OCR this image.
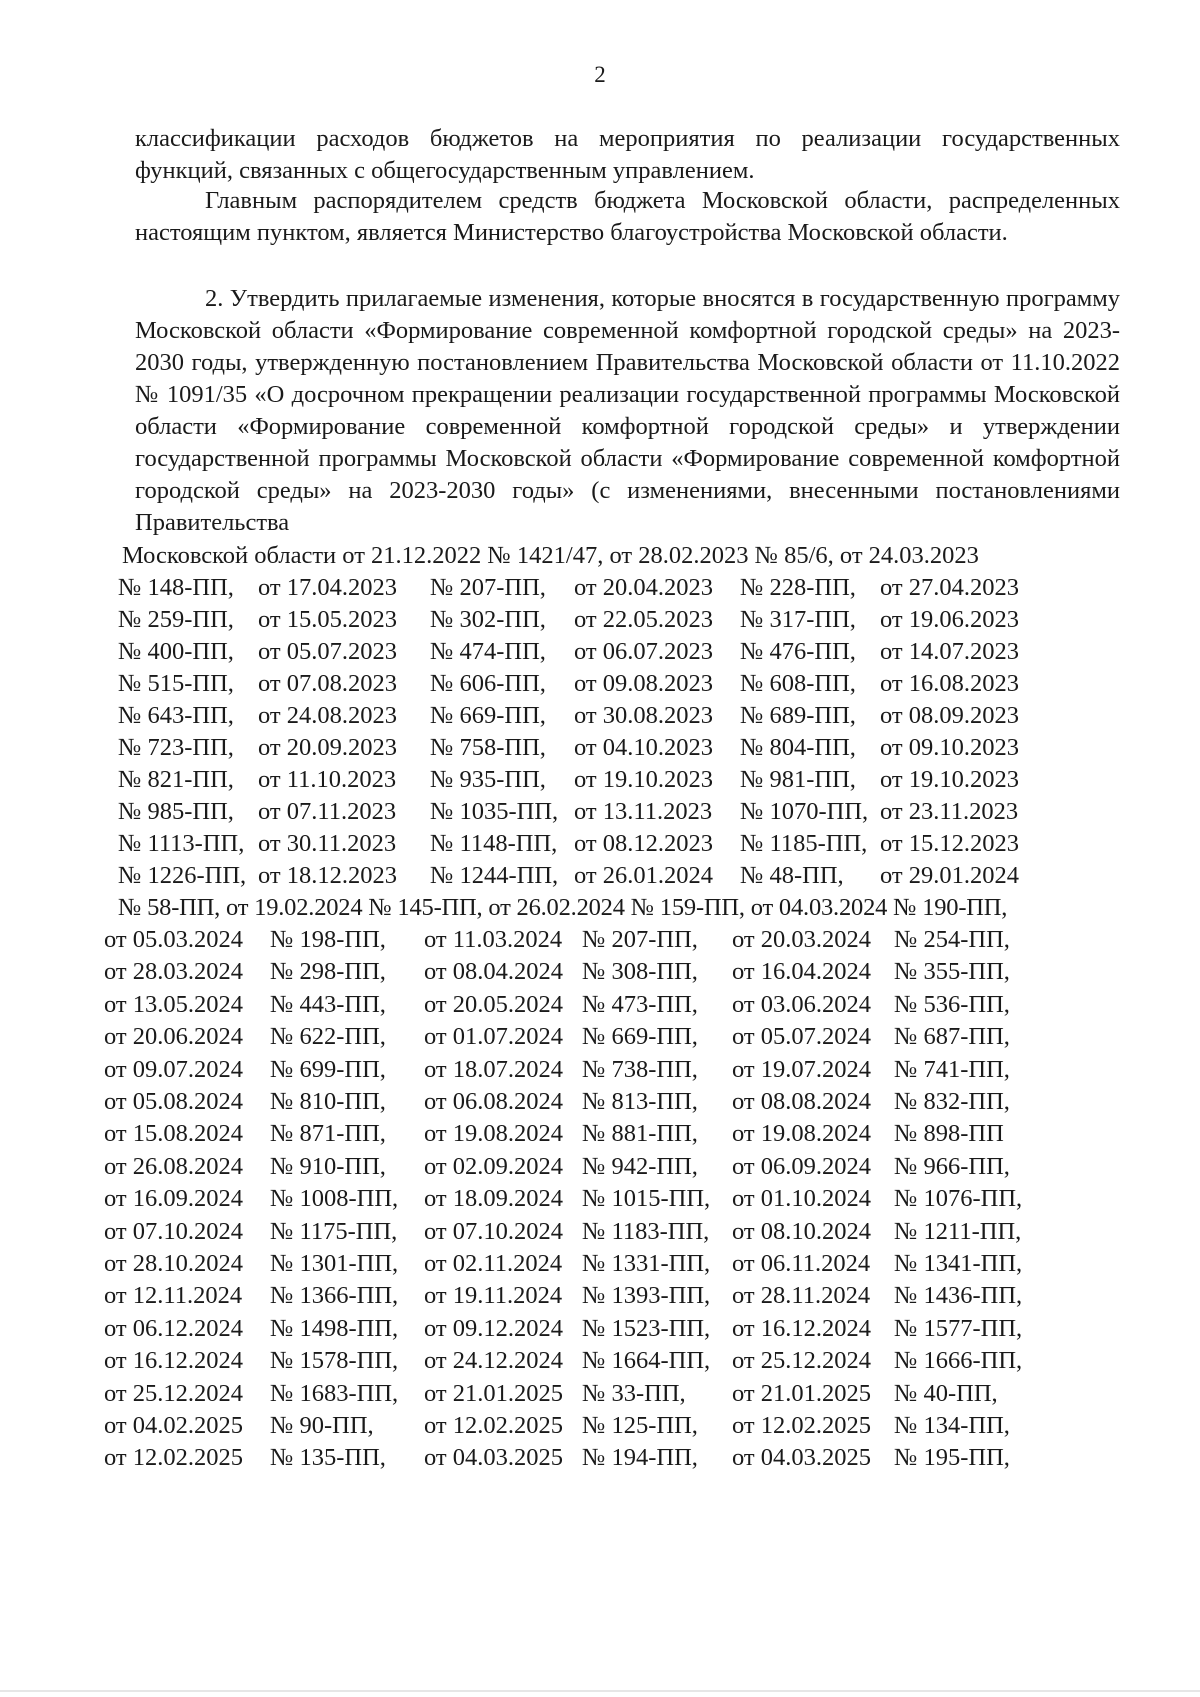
2
классификации расходов бюджетов на мероприятия по реализации государственных функций, связанных с общегосударственным управлением.
Главным распорядителем средств бюджета Московской области, распределенных настоящим пунктом, является Министерство благоустройства Московской области.
2. Утвердить прилагаемые изменения, которые вносятся в государственную программу Московской области «Формирование современной комфортной городской среды» на 2023-2030 годы, утвержденную постановлением Правительства Московской области от 11.10.2022 № 1091/35 «О досрочном прекращении реализации государственной программы Московской области «Формирование современной комфортной городской среды» и утверждении государственной программы Московской области «Формирование современной комфортной городской среды» на 2023-2030 годы» (с изменениями, внесенными постановлениями Правительства
Московской области от 21.12.2022 № 1421/47, от 28.02.2023 № 85/6, от 24.03.2023
№ 148-ПП, от 17.04.2023 № 207-ПП, от 20.04.2023 № 228-ПП, от 27.04.2023
№ 259-ПП, от 15.05.2023 № 302-ПП, от 22.05.2023 № 317-ПП, от 19.06.2023
№ 400-ПП, от 05.07.2023 № 474-ПП, от 06.07.2023 № 476-ПП, от 14.07.2023
№ 515-ПП, от 07.08.2023 № 606-ПП, от 09.08.2023 № 608-ПП, от 16.08.2023
№ 643-ПП, от 24.08.2023 № 669-ПП, от 30.08.2023 № 689-ПП, от 08.09.2023
№ 723-ПП, от 20.09.2023 № 758-ПП, от 04.10.2023 № 804-ПП, от 09.10.2023
№ 821-ПП, от 11.10.2023 № 935-ПП, от 19.10.2023 № 981-ПП, от 19.10.2023
№ 985-ПП, от 07.11.2023 № 1035-ПП, от 13.11.2023 № 1070-ПП, от 23.11.2023
№ 1113-ПП, от 30.11.2023 № 1148-ПП, от 08.12.2023 № 1185-ПП, от 15.12.2023
№ 1226-ПП, от 18.12.2023 № 1244-ПП, от 26.01.2024 № 48-ПП, от 29.01.2024
№ 58-ПП, от 19.02.2024 № 145-ПП, от 26.02.2024 № 159-ПП, от 04.03.2024 № 190-ПП,
от 05.03.2024 № 198-ПП, от 11.03.2024 № 207-ПП, от 20.03.2024 № 254-ПП,
от 28.03.2024 № 298-ПП, от 08.04.2024 № 308-ПП, от 16.04.2024 № 355-ПП,
от 13.05.2024 № 443-ПП, от 20.05.2024 № 473-ПП, от 03.06.2024 № 536-ПП,
от 20.06.2024 № 622-ПП, от 01.07.2024 № 669-ПП, от 05.07.2024 № 687-ПП,
от 09.07.2024 № 699-ПП, от 18.07.2024 № 738-ПП, от 19.07.2024 № 741-ПП,
от 05.08.2024 № 810-ПП, от 06.08.2024 № 813-ПП, от 08.08.2024 № 832-ПП,
от 15.08.2024 № 871-ПП, от 19.08.2024 № 881-ПП, от 19.08.2024 № 898-ПП
от 26.08.2024 № 910-ПП, от 02.09.2024 № 942-ПП, от 06.09.2024 № 966-ПП,
от 16.09.2024 № 1008-ПП, от 18.09.2024 № 1015-ПП, от 01.10.2024 № 1076-ПП,
от 07.10.2024 № 1175-ПП, от 07.10.2024 № 1183-ПП, от 08.10.2024 № 1211-ПП,
от 28.10.2024 № 1301-ПП, от 02.11.2024 № 1331-ПП, от 06.11.2024 № 1341-ПП,
от 12.11.2024 № 1366-ПП, от 19.11.2024 № 1393-ПП, от 28.11.2024 № 1436-ПП,
от 06.12.2024 № 1498-ПП, от 09.12.2024 № 1523-ПП, от 16.12.2024 № 1577-ПП,
от 16.12.2024 № 1578-ПП, от 24.12.2024 № 1664-ПП, от 25.12.2024 № 1666-ПП,
от 25.12.2024 № 1683-ПП, от 21.01.2025 № 33-ПП, от 21.01.2025 № 40-ПП,
от 04.02.2025 № 90-ПП, от 12.02.2025 № 125-ПП, от 12.02.2025 № 134-ПП,
от 12.02.2025 № 135-ПП, от 04.03.2025 № 194-ПП, от 04.03.2025 № 195-ПП,
